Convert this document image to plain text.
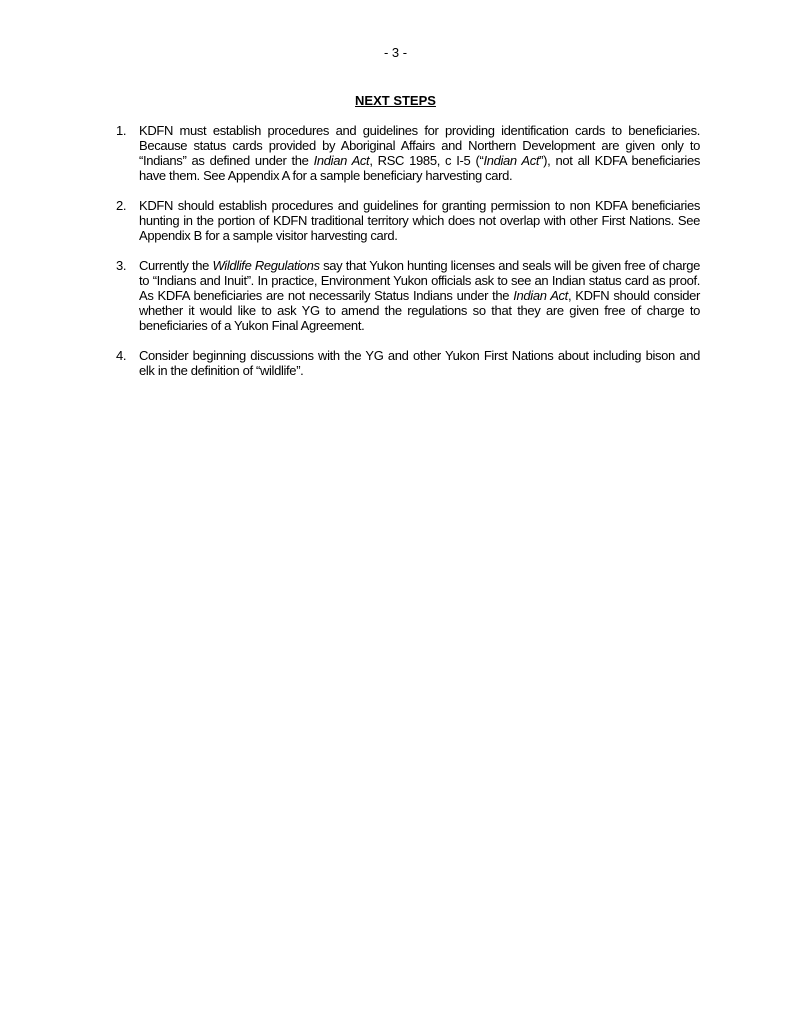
- 3 -
NEXT STEPS
1. KDFN must establish procedures and guidelines for providing identification cards to beneficiaries. Because status cards provided by Aboriginal Affairs and Northern Development are given only to “Indians” as defined under the Indian Act, RSC 1985, c I-5 (“Indian Act”), not all KDFA beneficiaries have them. See Appendix A for a sample beneficiary harvesting card.
2. KDFN should establish procedures and guidelines for granting permission to non KDFA beneficiaries hunting in the portion of KDFN traditional territory which does not overlap with other First Nations. See Appendix B for a sample visitor harvesting card.
3. Currently the Wildlife Regulations say that Yukon hunting licenses and seals will be given free of charge to “Indians and Inuit”. In practice, Environment Yukon officials ask to see an Indian status card as proof. As KDFA beneficiaries are not necessarily Status Indians under the Indian Act, KDFN should consider whether it would like to ask YG to amend the regulations so that they are given free of charge to beneficiaries of a Yukon Final Agreement.
4. Consider beginning discussions with the YG and other Yukon First Nations about including bison and elk in the definition of “wildlife”.
